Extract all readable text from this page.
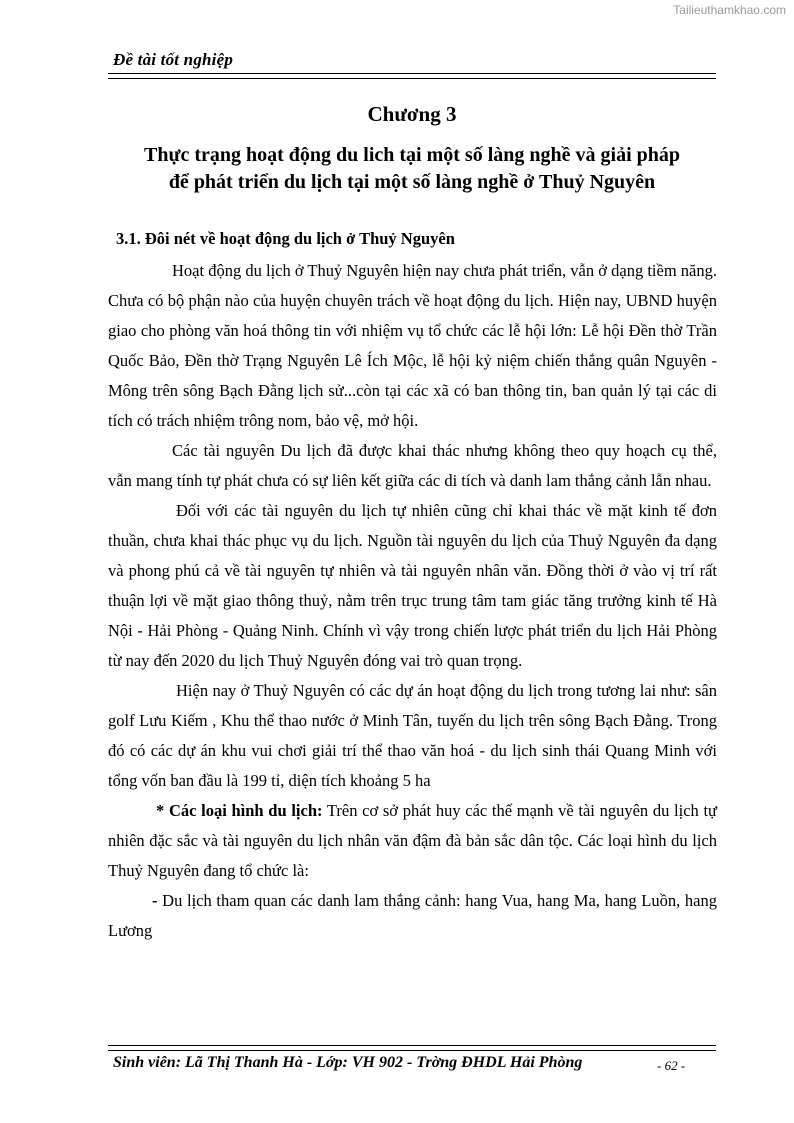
Tailieuthamkhao.com
Đề tài tốt nghiệp
Chương 3
Thực trạng hoạt động du lich tại một số làng nghề và giải pháp
để phát triển du lịch tại một số làng nghề ở Thuỷ Nguyên
3.1. Đôi nét về hoạt động du lịch ở Thuỷ Nguyên

Hoạt động du lịch ở Thuỷ Nguyên hiện nay chưa phát triển, vẫn ở dạng tiềm năng. Chưa có bộ phận nào của huyện chuyên trách về hoạt động du lịch. Hiện nay, UBND huyện giao cho phòng văn hoá thông tin với nhiệm vụ tổ chức các lễ hội lớn: Lễ hội Đền thờ Trần Quốc Bảo, Đền thờ Trạng Nguyên Lê Ích Mộc, lễ hội kỷ niệm chiến thắng quân Nguyên - Mông trên sông Bạch Đằng lịch sử...còn tại các xã có ban thông tin, ban quản lý tại các di tích có trách nhiệm trông nom, bảo vệ, mở hội.

Các tài nguyên Du lịch đã được khai thác nhưng không theo quy hoạch cụ thể, vẫn mang tính tự phát chưa có sự liên kết giữa các di tích và danh lam thắng cảnh lẫn nhau.

Đối với các tài nguyên du lịch tự nhiên cũng chỉ khai thác về mặt kinh tế đơn thuần, chưa khai thác phục vụ du lịch. Nguồn tài nguyên du lịch của Thuỷ Nguyên đa dạng và phong phú cả về tài nguyên tự nhiên và tài nguyên nhân văn. Đồng thời ở vào vị trí rất thuận lợi về mặt giao thông thuỷ, nằm trên trục trung tâm tam giác tăng trưởng kinh tế Hà Nội - Hải Phòng - Quảng Ninh. Chính vì vậy trong chiến lược phát triển du lịch Hải Phòng từ nay đến 2020 du lịch Thuỷ Nguyên đóng vai trò quan trọng.

Hiện nay ở Thuỷ Nguyên có các dự án hoạt động du lịch trong tương lai như: sân golf Lưu Kiếm , Khu thể thao nước ở Minh Tân, tuyến du lịch trên sông Bạch Đằng. Trong đó có các dự án khu vui chơi giải trí thể thao văn hoá - du lịch sinh thái Quang Minh với tổng vốn ban đầu là 199 tỉ, diện tích khoảng 5 ha

* Các loại hình du lịch: Trên cơ sở phát huy các thế mạnh về tài nguyên du lịch tự nhiên đặc sắc và tài nguyên du lịch nhân văn đậm đà bản sắc dân tộc. Các loại hình du lịch Thuỷ Nguyên đang tổ chức là:

- Du lịch tham quan các danh lam thắng cảnh: hang Vua, hang Ma, hang Luồn, hang Lương

Sinh viên: Lã Thị Thanh Hà - Lớp: VH 902 - Trờng ĐHDL Hải Phòng	- 62 -
